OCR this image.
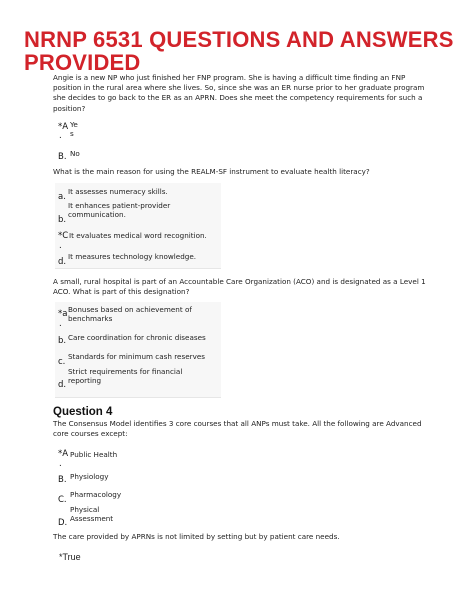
NRNP 6531 QUESTIONS AND ANSWERS
PROVIDED
Angie is a new NP who just finished her FNP program. She is having a difficult time finding an FNP position in the rural area where she lives. So, since she was an ER nurse prior to her graduate program she decides to go back to the ER as an APRN. Does she meet the competency requirements for such a position?
*A
.
Ye
s
B. No
What is the main reason for using the REALM-SF instrument to evaluate health literacy?
a.
It assesses numeracy skills.
It enhances patient-provider
communication.
b.
*C It evaluates medical word recognition.
.
d.
It measures technology knowledge.
A small, rural hospital is part of an Accountable Care Organization (ACO) and is designated as a Level 1 ACO. What is part of this designation?
*a
.
Bonuses based on achievement of
benchmarks
b. Care coordination for chronic diseases
c.
Standards for minimum cash reserves
Strict requirements for financial
reporting
d.
Question 4
The Consensus Model identifies 3 core courses that all ANPs must take. All the following are Advanced core courses except:
*A
.
Public Health
B. Physiology
C.
Pharmacology
Physical
Assessment
D.
The care provided by APRNs is not limited by setting but by patient care needs.
*True
